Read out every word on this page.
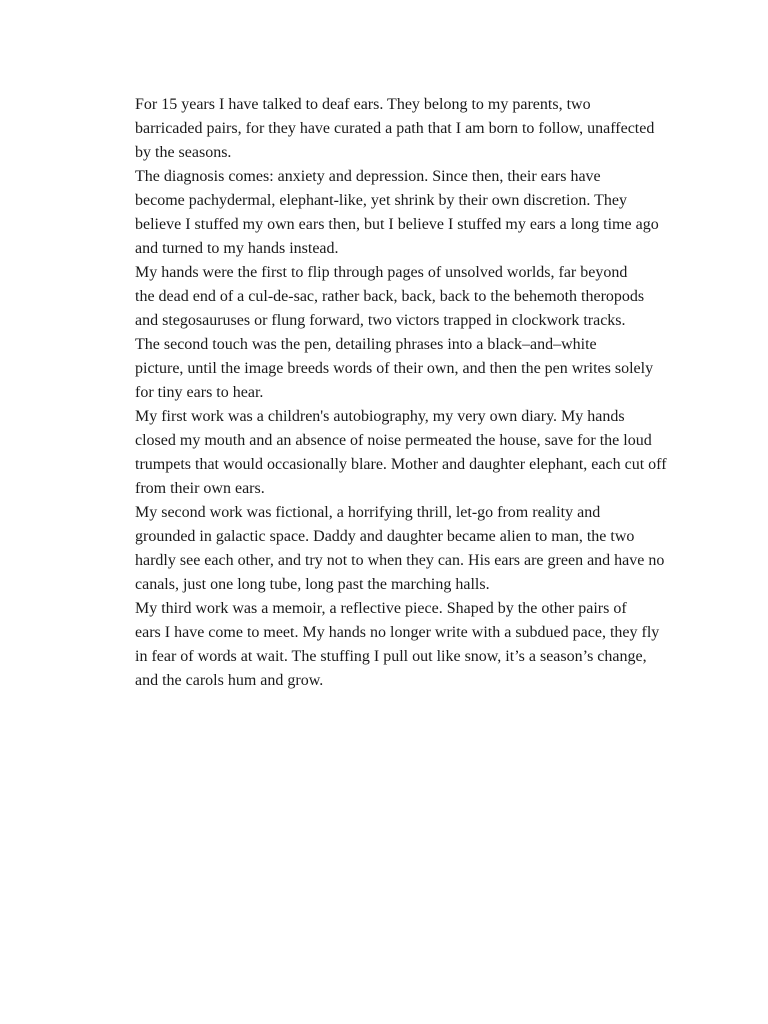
For 15 years I have talked to deaf ears. They belong to my parents, two
barricaded pairs, for they have curated a path that I am born to follow, unaffected
by the seasons.

The diagnosis comes: anxiety and depression. Since then, their ears have
become pachydermal, elephant-like, yet shrink by their own discretion. They
believe I stuffed my own ears then, but I believe I stuffed my ears a long time ago
and turned to my hands instead.

My hands were the first to flip through pages of unsolved worlds, far beyond
the dead end of a cul-de-sac, rather back, back, back to the behemoth theropods
and stegosauruses or flung forward, two victors trapped in clockwork tracks.

The second touch was the pen, detailing phrases into a black–and–white
picture, until the image breeds words of their own, and then the pen writes solely
for tiny ears to hear.

My first work was a children's autobiography, my very own diary. My hands
closed my mouth and an absence of noise permeated the house, save for the loud
trumpets that would occasionally blare. Mother and daughter elephant, each cut off
from their own ears.

My second work was fictional, a horrifying thrill, let-go from reality and
grounded in galactic space. Daddy and daughter became alien to man, the two
hardly see each other, and try not to when they can. His ears are green and have no
canals, just one long tube, long past the marching halls.

My third work was a memoir, a reflective piece. Shaped by the other pairs of
ears I have come to meet. My hands no longer write with a subdued pace, they fly
in fear of words at wait. The stuffing I pull out like snow, it’s a season’s change,
and the carols hum and grow.
